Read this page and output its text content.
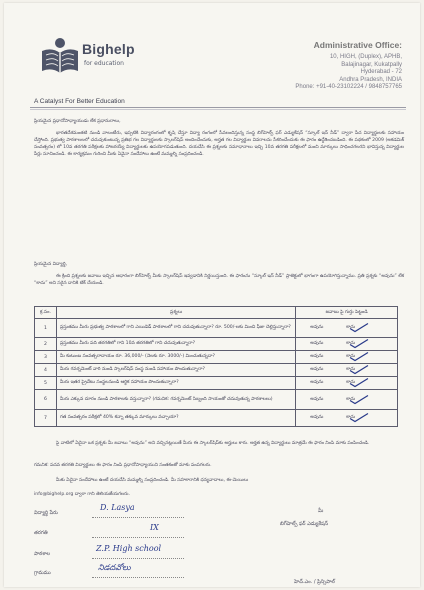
Bighelp
for education
A Catalyst For Better Education
Administrative Office:
10, HIGH, (Duplex), APHB,
Balajinagar, Kukatpally
Hyderabad - 72
Andhra Pradesh, INDIA
Phone: +91-40-23102224 / 9848757765
ప్రియమైన ప్రధానోపాధ్యాయుడు లేక ప్రధానురాలు,
భారతదేశమంతటి నుండి వాలంటీరు, ఇప్పటికి విద్యారంగంలో కృషి చేస్తూ విద్యా రంగంలో సేవలందిస్తున్న సంస్థ బిగ్‌హెల్ప్ ఫర్ ఎడ్యుకేషన్ “స్కూల్ ఇన్ నీడ్” ద్వారా పేద విద్యార్థులకు సహాయం చేస్తోంది. ప్రభుత్వ పాఠశాలలలో చదువుకుంటున్న ప్రతిభ గల విద్యార్థులకు స్కాలర్‌షిప్ అందించేందుకు, అర్హత గల విద్యార్థుల వివరాలను సేకరించేందుకు ఈ ఫారం ఉద్దేశించబడింది. ఈ పథకంలో 2009 (అకడమిక్ సంవత్సరం) లో 10వ తరగతి పరీక్షలకు హాజరయ్యే విద్యార్థులకు ఉపయోగపడుతుంది. దయచేసి ఈ ప్రశ్నలకు సమాధానాలు ఇచ్చి 10వ తరగతి పరీక్షలలో మంచి మార్కులు సాధించగలరని భావిస్తున్న విద్యార్థుల పేర్లు సూచించండి. ఈ కార్యక్రమం గురించి మీకు ఏవైనా సందేహాలు ఉంటే మమ్మల్ని సంప్రదించండి.
ప్రియమైన విద్యార్థి,
ఈ క్రింది ప్రశ్నలకు జవాబు ఇచ్చిన ఆధారంగా బిగ్‌హెల్ప్ మీకు స్కాలర్‌షిప్ ఇవ్వడానికి నిర్ణయిస్తుంది. ఈ ఫారంను “స్కూల్ ఇన్ నీడ్” ప్రాజెక్టులో భాగంగా ఉపయోగిస్తున్నాము. ప్రతి ప్రశ్నకు “అవును” లేక “కాదు” అని సరైన దానికి టిక్ చేయండి.
క్ర.సం.	ప్రశ్నలు	జవాబు పై గుర్తు పెట్టండి
1	ప్రస్తుతము మీరు ప్రభుత్వ పాఠశాలలో గాని ఎయిడెడ్ పాఠశాలలో గాని చదువుతున్నారా? రూ. 500/-లకు మించి ఫీజు చెల్లిస్తున్నారా?	అవును కాదు

2	ప్రస్తుతము మీరు పది తరగతిలో గాని 10వ తరగతిలో గాని చదువుతున్నారా?	అవును కాదు

3	మీ కుటుంబ సంవత్సరాదాయం రూ. 36,000/- (నెలకు రూ. 3000/-) మించుతున్నదా?	అవును కాదు

4	మీరు గవర్నమెంట్ వారి నుండి స్కాలర్‌షిప్ సంస్థ నుండి సహాయం పొందుతున్నారా?	అవును కాదు

5	మీరు ఇతర ప్రైవేటు సంస్థలనుండి ఆర్థిక సహాయం పొందుతున్నారా?	అవును కాదు

6	మీరు ఎక్కువ దూరం నుండి పాఠశాలకు వస్తున్నారా? (గమనిక: గవర్నమెంట్ సిబ్బంది సాయంతో చదువుతున్న పాఠశాలలు)	అవును కాదు

7	గత సంవత్సరం పరీక్షలో 40% కన్నా తక్కువ మార్కులు వచ్చాయా?	అవును కాదు
పై వాటిలో ఏదైనా ఒక ప్రశ్నకు మీ జవాబు “అవును” అని వచ్చినట్లయితే మీరు ఈ స్కాలర్‌షిప్‌కు అర్హులు కారు. అర్హత ఉన్న విద్యార్థులు మాత్రమే ఈ ఫారం నింపి మాకు పంపించండి.
గమనిక: పదవ తరగతి విద్యార్థులు ఈ ఫారం నింపి ప్రధానోపాధ్యాయుని సంతకంతో మాకు పంపగలరు.
మీకు ఏదైనా సందేహాలు ఉంటే దయచేసి మమ్మల్ని సంప్రదించండి. మీ సహకారానికి ధన్యవాదాలు, ఈ-మెయిలు
info@bighelp.org ద్వారా గాని తెలియజేయగలరు.
విద్యార్థి పేరు
D. Lasya
తరగతి
IX
పాఠశాల
Z.P. High school
గ్రామము
నిడదవోలు
మీ
బిగ్‌హెల్ప్ ఫర్ ఎడ్యుకేషన్
హెచ్.ఎం. / ప్రిన్సిపాల్
